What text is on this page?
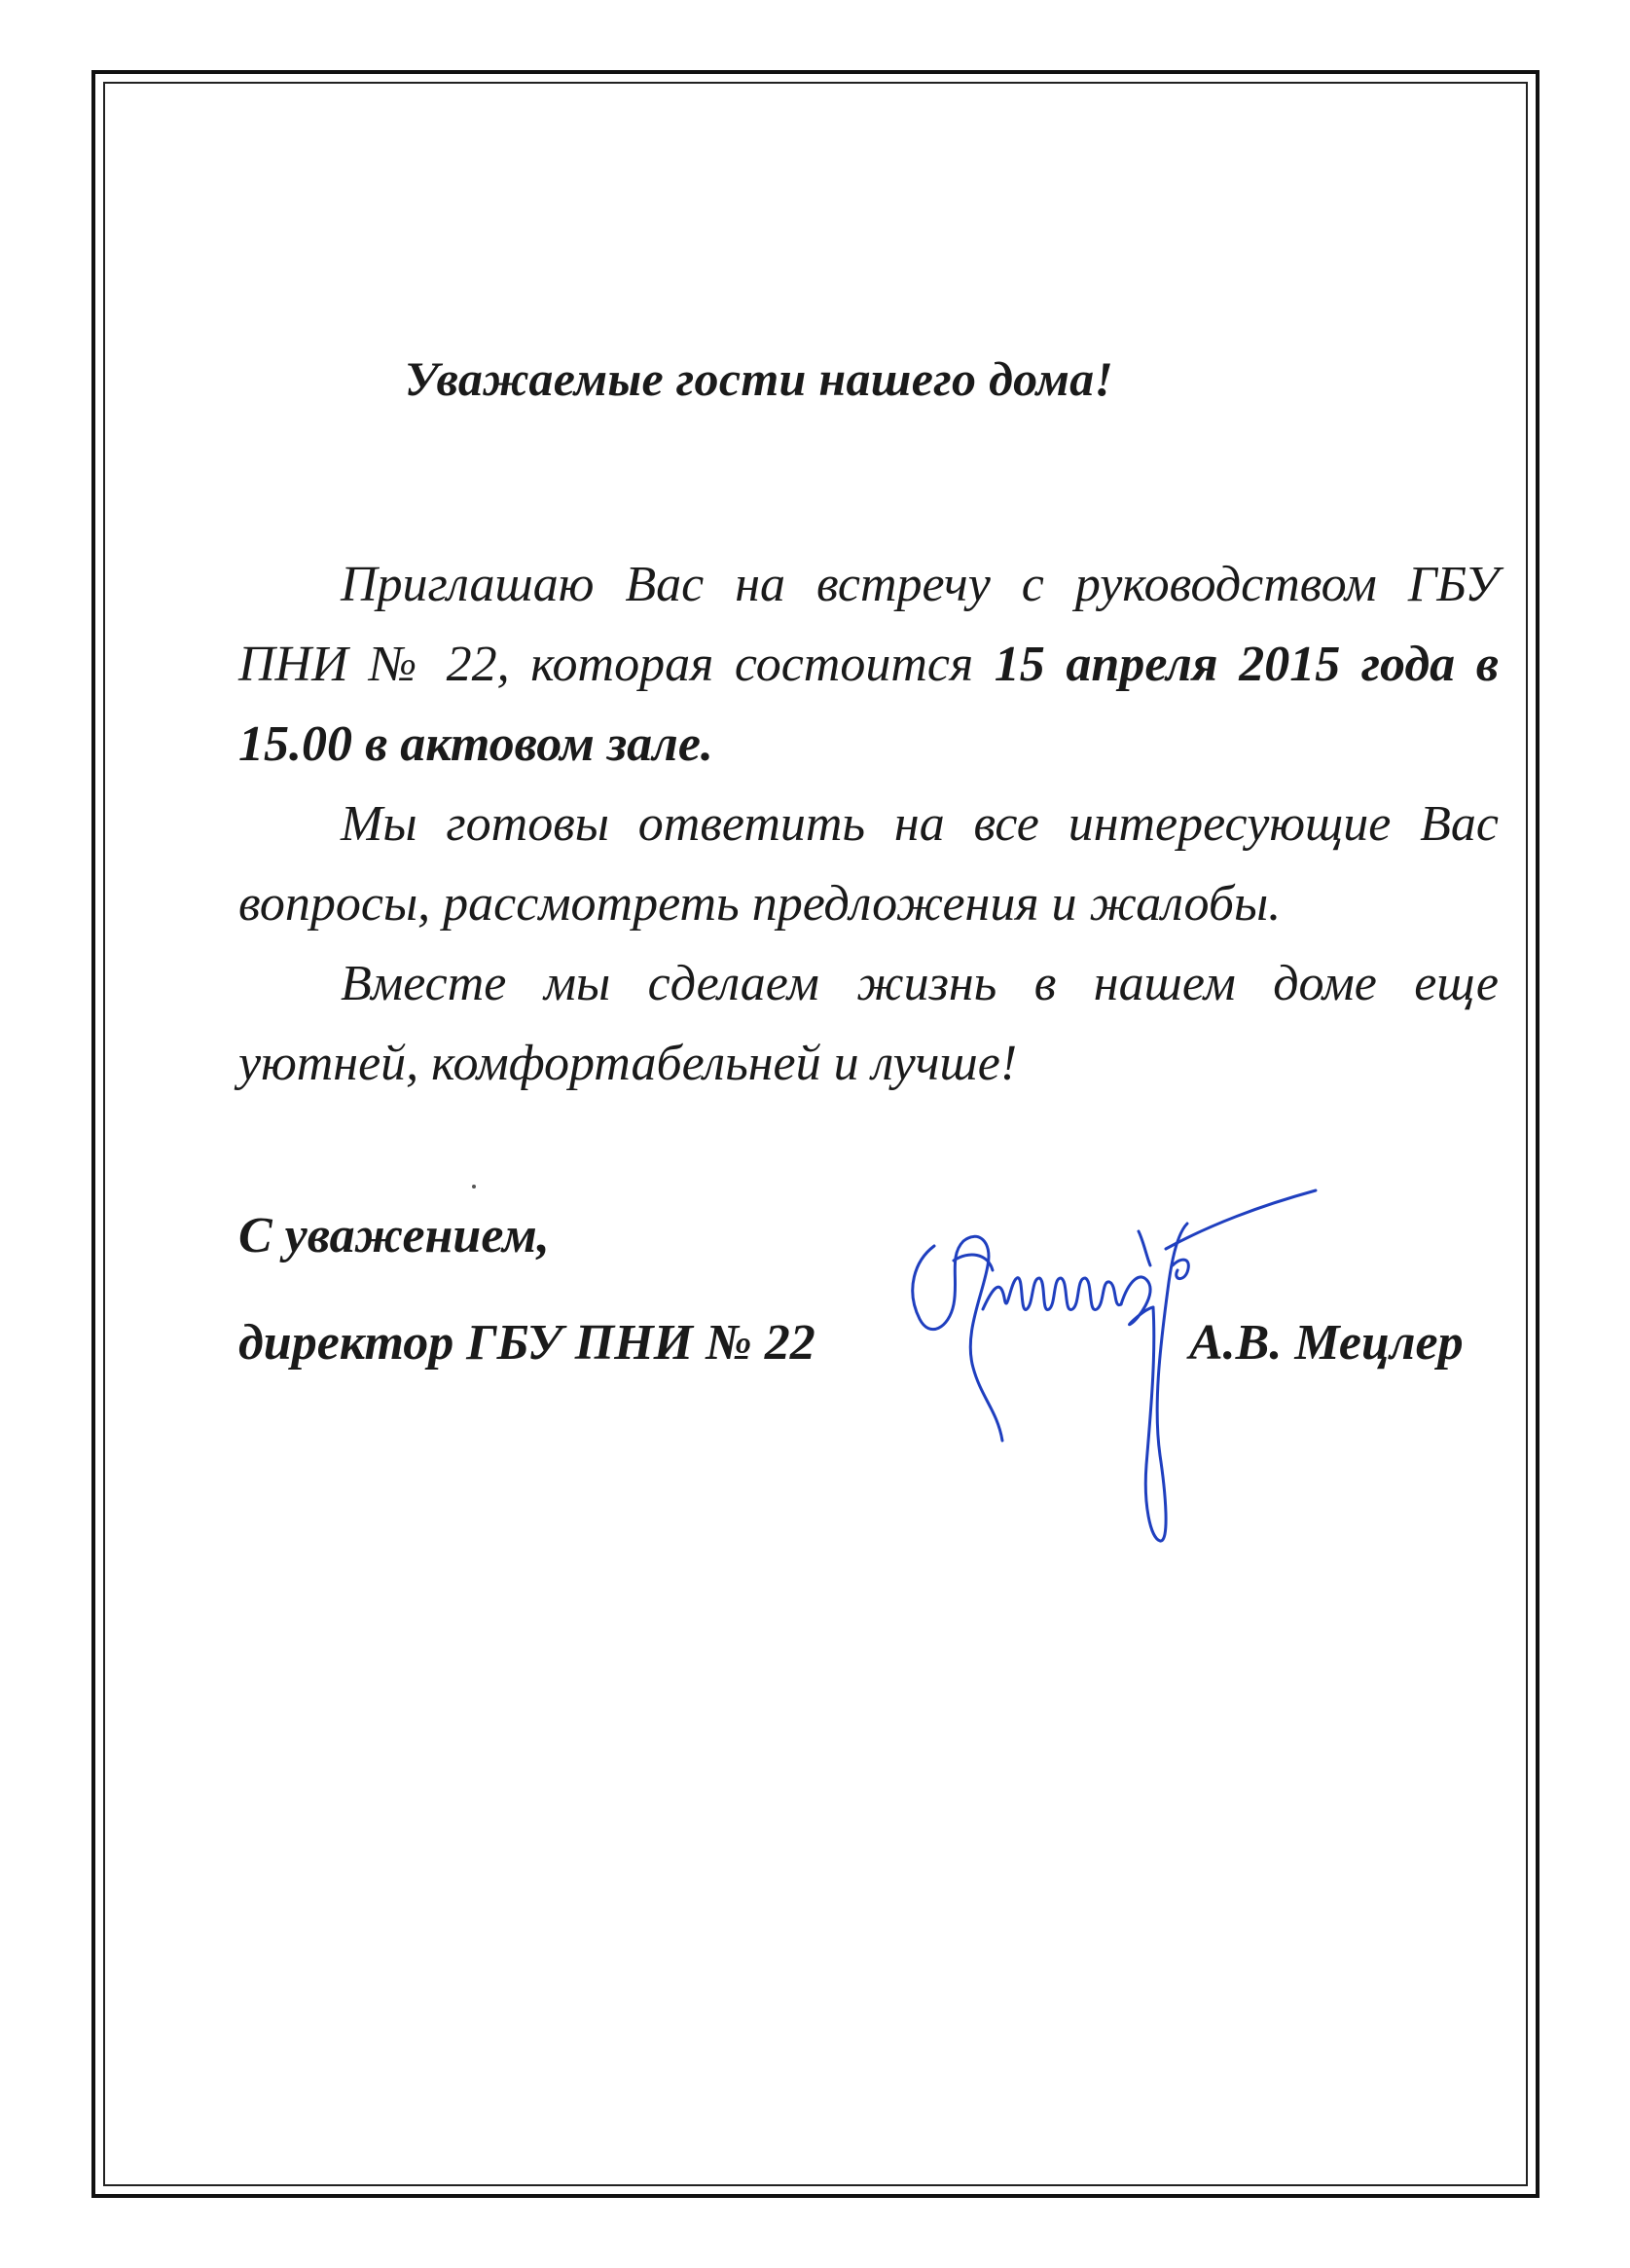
Уважаемые гости нашего дома!

Приглашаю Вас на встречу с руководством ГБУ ПНИ № 22, которая состоится 15 апреля 2015 года в 15.00 в актовом зале.

Мы готовы ответить на все интересующие Вас вопросы, рассмотреть предложения и жалобы.

Вместе мы сделаем жизнь в нашем доме еще уютней, комфортабельней и лучше!

С уважением,
директор ГБУ ПНИ № 22	А.В. Мецлер
